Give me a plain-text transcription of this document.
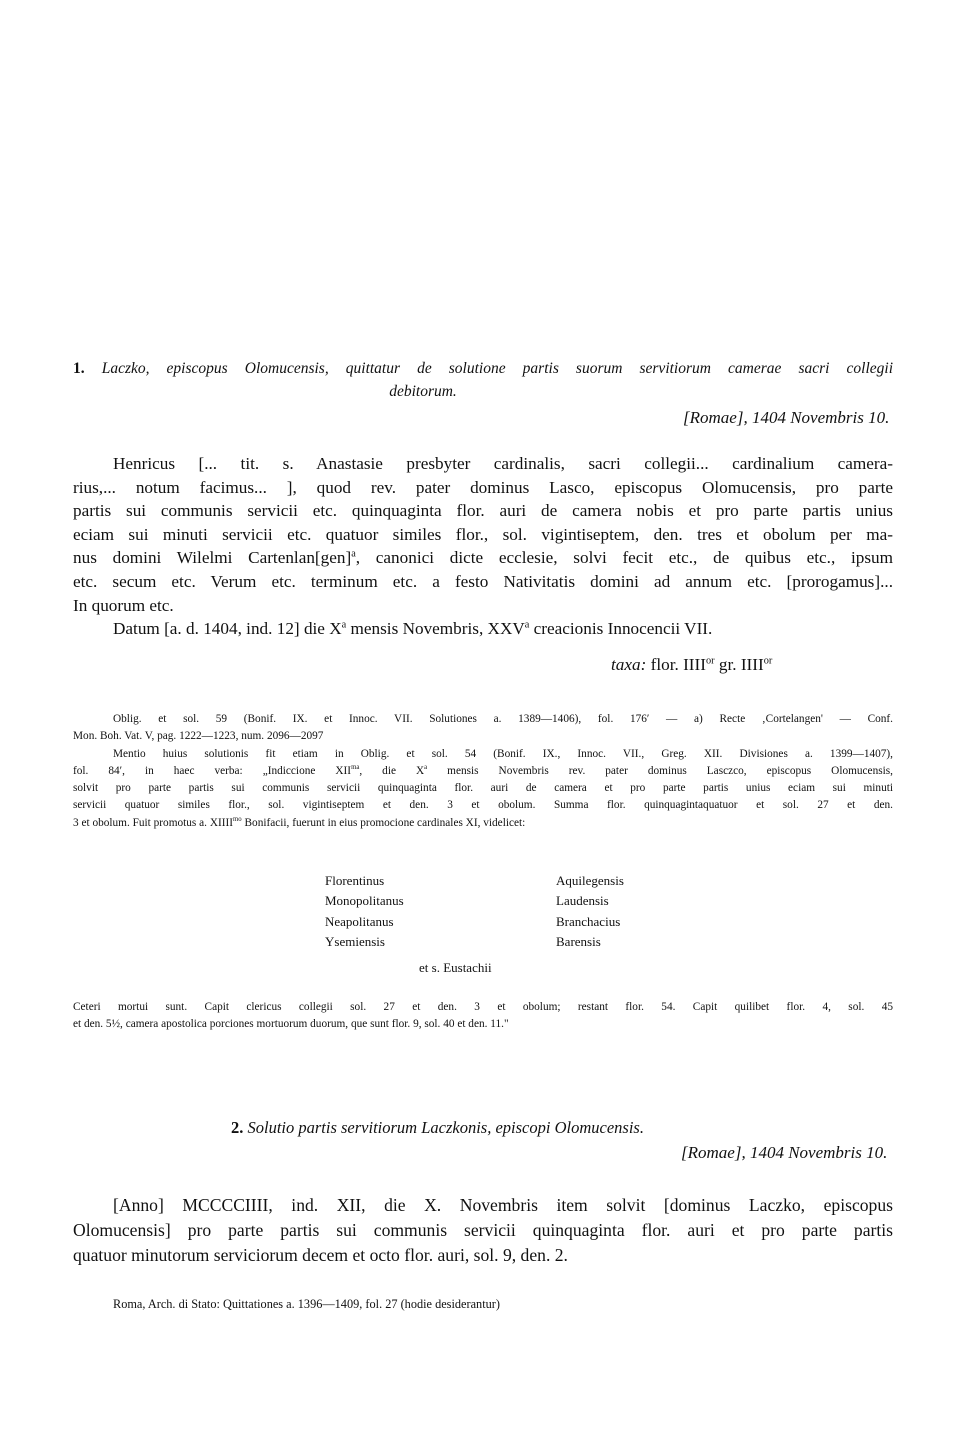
1. Laczko, episcopus Olomucensis, quittatur de solutione partis suorum servitiorum camerae sacri collegii
debitorum.
[Romae], 1404 Novembris 10.
Henricus [... tit. s. Anastasie presbyter cardinalis, sacri collegii... cardinalium camera-
rius,... notum facimus... ], quod rev. pater dominus Lasco, episcopus Olomucensis, pro parte
partis sui communis servicii etc. quinquaginta flor. auri de camera nobis et pro parte partis unius
eciam sui minuti servicii etc. quatuor similes flor., sol. vigintiseptem, den. tres et obolum per ma-
nus domini Wilelmi Cartenlan[gen]$^a$, canonici dicte ecclesie, solvi fecit etc., de quibus etc., ipsum
etc. secum etc. Verum etc. terminum etc. a festo Nativitatis domini ad annum etc. [prorogamus]...
In quorum etc.
Datum [a. d. 1404, ind. 12] die $X^a$ mensis Novembris, XXV$^a$ creacionis Innocencii VII.
taxa: flor. $IIII^{or}$ gr. $IIII^{or}$
Oblig. et sol. 59 (Bonif. IX. et Innoc. VII. Solutiones a. 1389—1406), fol. 176′ — a) Recte ‚Cortelangen' — Conf.
Mon. Boh. Vat. V, pag. 1222—1223, num. 2096—2097
Mentio huius solutionis fit etiam in Oblig. et sol. 54 (Bonif. IX., Innoc. VII., Greg. XII. Divisiones a. 1399—1407),
fol. 84′, in haec verba: „Indiccione $XII^{ma}$, die $X^a$ mensis Novembris rev. pater dominus Lasczco, episcopus Olomucensis,
solvit pro parte partis sui communis servicii quinquaginta flor. auri de camera et pro parte partis unius eciam sui minuti
servicii quatuor similes flor., sol. vigintiseptem et den. 3 et obolum. Summa flor. quinquagintaquatuor et sol. 27 et den.
3 et obolum. Fuit promotus a. $XIIII^{mo}$ Bonifacii, fuerunt in eius promocione cardinales XI, videlicet:
Florentinus
Monopolitanus
Neapolitanus
Ysemiensis
Aquilegensis
Laudensis
Branchacius
Barensis
et s. Eustachii
Ceteri mortui sunt. Capit clericus collegii sol. 27 et den. 3 et obolum; restant flor. 54. Capit quilibet flor. 4, sol. 45
et den. 5½, camera apostolica porciones mortuorum duorum, que sunt flor. 9, sol. 40 et den. 11."
2. Solutio partis servitiorum Laczkonis, episcopi Olomucensis.
[Romae], 1404 Novembris 10.
[Anno] MCCCCIIII, ind. XII, die X. Novembris item solvit [dominus Laczko, episcopus
Olomucensis] pro parte partis sui communis servicii quinquaginta flor. auri et pro parte partis
quatuor minutorum serviciorum decem et octo flor. auri, sol. 9, den. 2.
Roma, Arch. di Stato: Quittationes a. 1396—1409, fol. 27 (hodie desiderantur)
